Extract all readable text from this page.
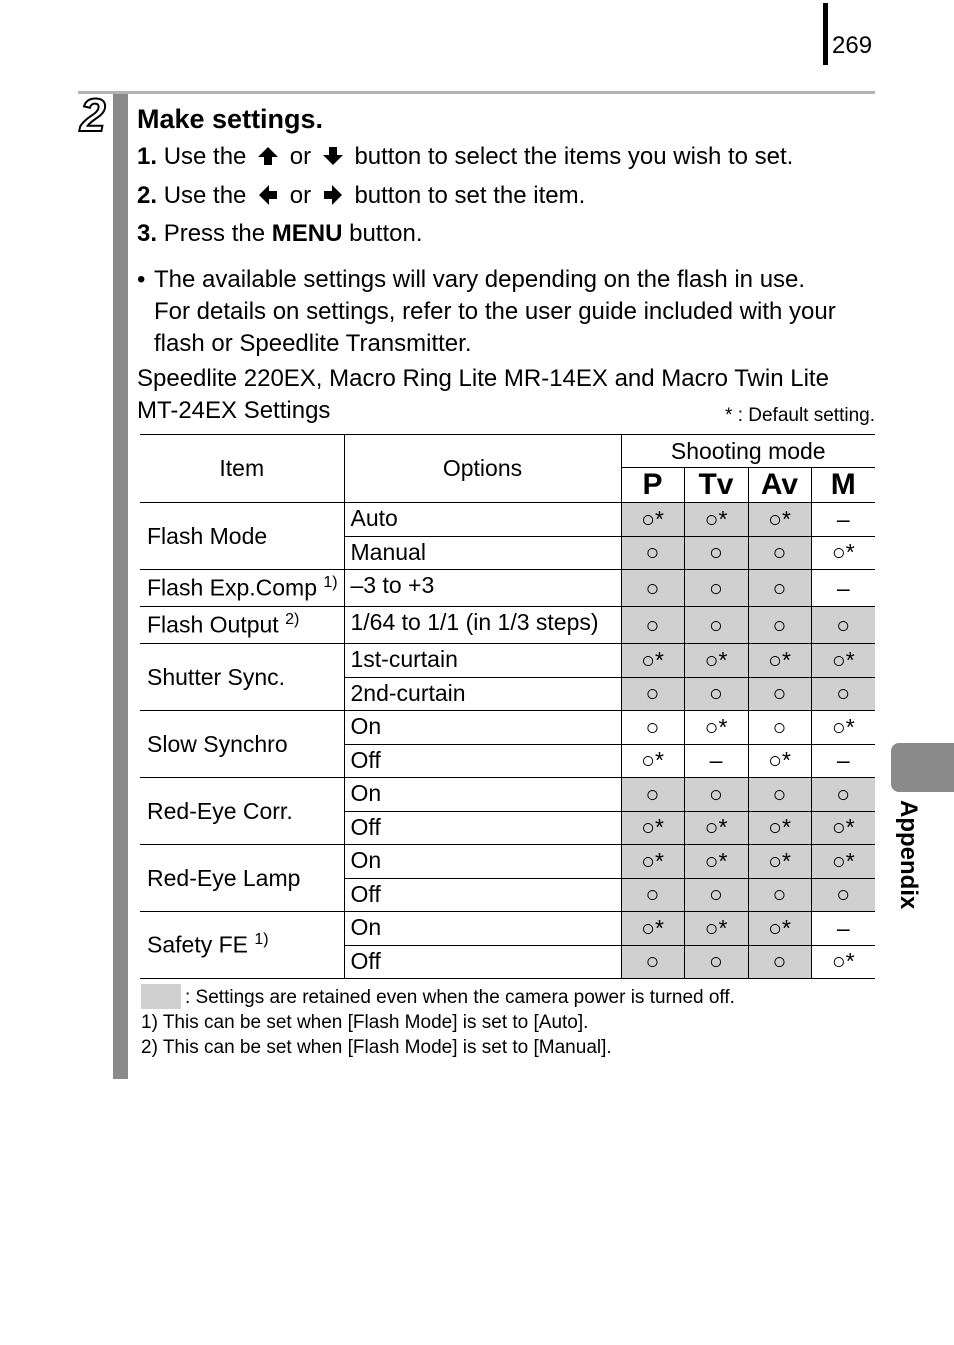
269
2 Make settings.
1. Use the or button to select the items you wish to set.
2. Use the or button to set the item.
3. Press the MENU button.
• The available settings will vary depending on the flash in use.
For details on settings, refer to the user guide included with your
flash or Speedlite Transmitter.
Speedlite 220EX, Macro Ring Lite MR-14EX and Macro Twin Lite
MT-24EX Settings	* : Default setting.
Item	Options	Shooting mode			
		P	Tv	Av	M
Flash Mode	Auto	○*	○*	○*	–
	Manual	○	○	○	○*
Flash Exp.Comp $^{1)}$	–3 to +3	○	○	○	–
Flash Output $^{2)}$	1/64 to 1/1 (in 1/3 steps)	○	○	○	○
Shutter Sync.	1st-curtain	○*	○*	○*	○*
	2nd-curtain	○	○	○	○
Slow Synchro	On	○	○*	○	○*
	Off	○*	–	○*	–
Red-Eye Corr.	On	○	○	○	○
	Off	○*	○*	○*	○*
Red-Eye Lamp	On	○*	○*	○*	○*
	Off	○	○	○	○
Safety FE $^{1)}$	On	○*	○*	○*	–
	Off	○	○	○	○*
: Settings are retained even when the camera power is turned off.
1) This can be set when [Flash Mode] is set to [Auto].
2) This can be set when [Flash Mode] is set to [Manual].
Appendix
